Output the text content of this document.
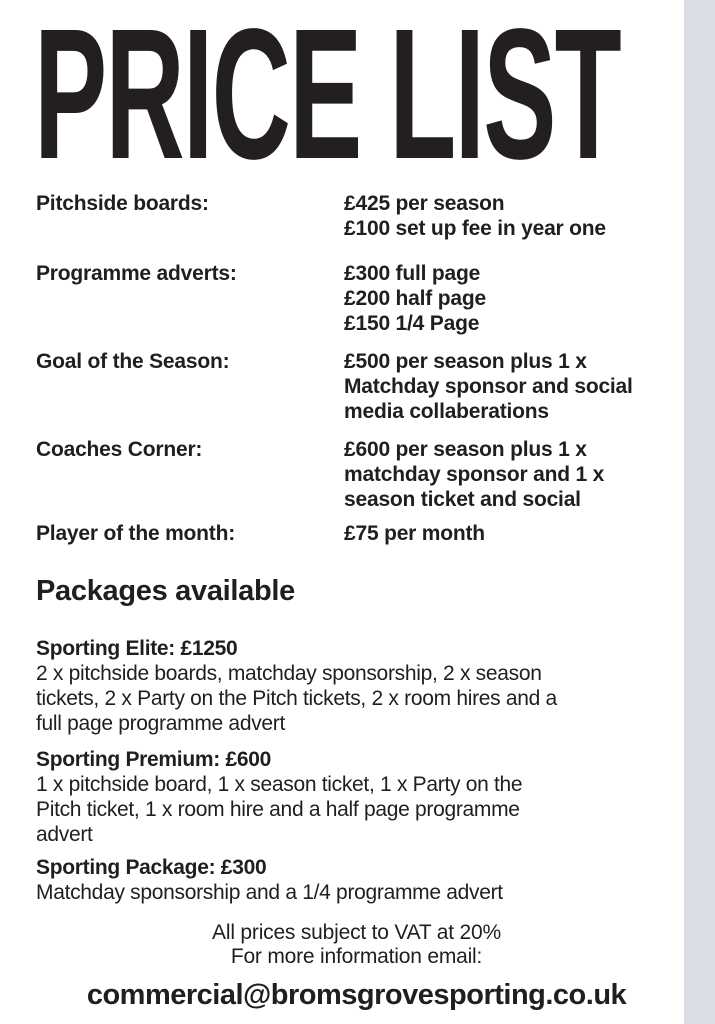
PRICE LIST
Pitchside boards:	£425 per season
£100 set up fee in year one
Programme adverts:	£300 full page
£200 half page
£150 1/4 Page
Goal of the Season:	£500 per season plus 1 x
Matchday sponsor and social
media collaberations
Coaches Corner:	£600 per season plus 1 x
matchday sponsor and 1 x
season ticket and social
Player of the month:	£75 per month
Packages available
Sporting Elite: £1250
2 x pitchside boards, matchday sponsorship, 2 x season
tickets, 2 x Party on the Pitch tickets, 2 x room hires and a
full page programme advert
Sporting Premium: £600
1 x pitchside board, 1 x season ticket, 1 x Party on the
Pitch ticket, 1 x room hire and a half page programme
advert
Sporting Package: £300
Matchday sponsorship and a 1/4 programme advert
All prices subject to VAT at 20%
For more information email:
commercial@bromsgrovesporting.co.uk
